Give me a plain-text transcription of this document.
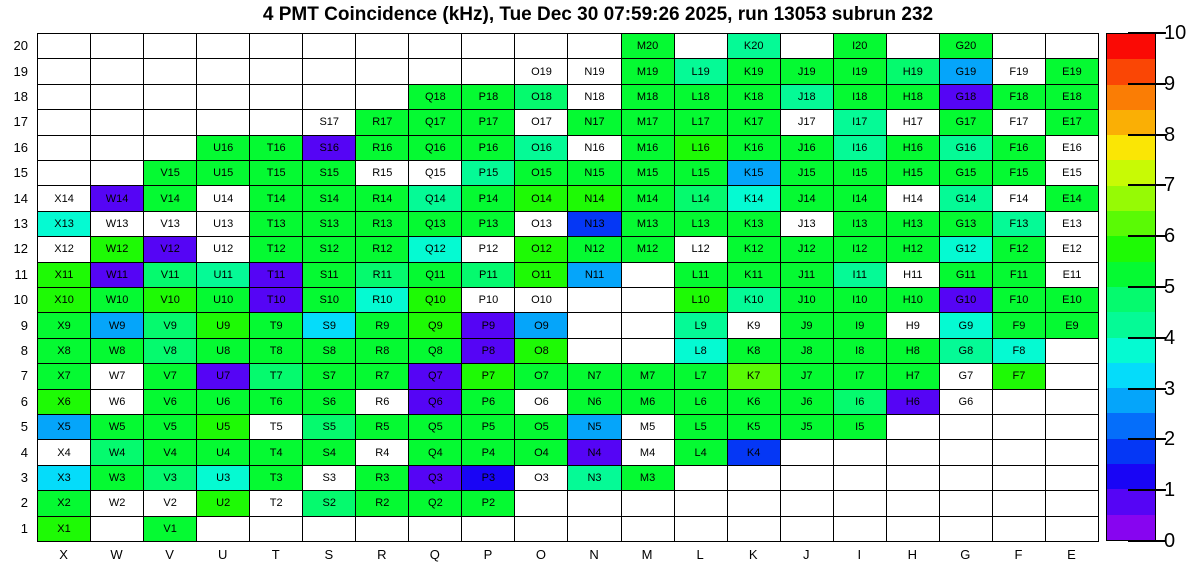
4 PMT Coincidence (kHz), Tue Dec 30 07:59:26 2025, run 13053 subrun 232
M20	K20	I20	G20
O19	N19	M19	L19	K19	J19	I19	H19	G19	F19	E19
Q18	P18	O18	N18	M18	L18	K18	J18	I18	H18	G18	F18	E18
S17	R17	Q17	P17	O17	N17	M17	L17	K17	J17	I17	H17	G17	F17	E17
U16	T16	S16	R16	Q16	P16	O16	N16	M16	L16	K16	J16	I16	H16	G16	F16	E16
V15	U15	T15	S15	R15	Q15	P15	O15	N15	M15	L15	K15	J15	I15	H15	G15	F15	E15
X14	W14	V14	U14	T14	S14	R14	Q14	P14	O14	N14	M14	L14	K14	J14	I14	H14	G14	F14	E14
X13	W13	V13	U13	T13	S13	R13	Q13	P13	O13	N13	M13	L13	K13	J13	I13	H13	G13	F13	E13
X12	W12	V12	U12	T12	S12	R12	Q12	P12	O12	N12	M12	L12	K12	J12	I12	H12	G12	F12	E12
X11	W11	V11	U11	T11	S11	R11	Q11	P11	O11	N11	L11	K11	J11	I11	H11	G11	F11	E11
X10	W10	V10	U10	T10	S10	R10	Q10	P10	O10	L10	K10	J10	I10	H10	G10	F10	E10
X9	W9	V9	U9	T9	S9	R9	Q9	P9	O9	L9	K9	J9	I9	H9	G9	F9	E9
X8	W8	V8	U8	T8	S8	R8	Q8	P8	O8	L8	K8	J8	I8	H8	G8	F8
X7	W7	V7	U7	T7	S7	R7	Q7	P7	O7	N7	M7	L7	K7	J7	I7	H7	G7	F7
X6	W6	V6	U6	T6	S6	R6	Q6	P6	O6	N6	M6	L6	K6	J6	I6	H6	G6
X5	W5	V5	U5	T5	S5	R5	Q5	P5	O5	N5	M5	L5	K5	J5	I5
X4	W4	V4	U4	T4	S4	R4	Q4	P4	O4	N4	M4	L4	K4
X3	W3	V3	U3	T3	S3	R3	Q3	P3	O3	N3	M3
X2	W2	V2	U2	T2	S2	R2	Q2	P2
X1	V1
20
19
18
17
16
15
14
13
12
11
10
9
8
7
6
5
4
3
2
1
X	W	V	U	T	S	R	Q	P	O	N	M	L	K	J	I	H	G	F	E
10
9
8
7
6
5
4
3
2
1
0
